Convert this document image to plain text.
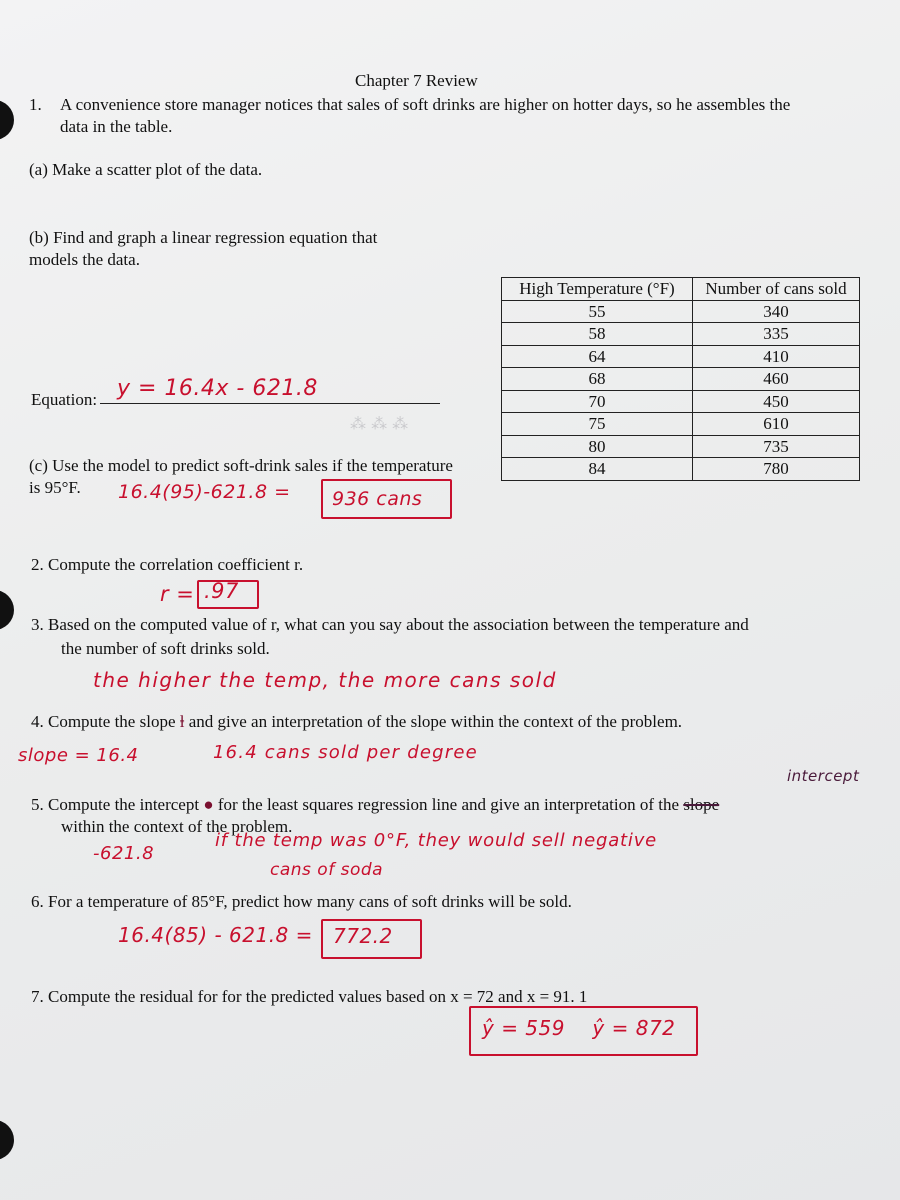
Chapter 7 Review
1. A convenience store manager notices that sales of soft drinks are higher on hotter days, so he assembles the
data in the table.
(a) Make a scatter plot of the data.
(b) Find and graph a linear regression equation that
models the data.
High Temperature (°F)	Number of cans sold
55	340
58	335
64	410
68	460
70	450
75	610
80	735
84	780
Equation: y = 16.4x - 621.8
⁂ ⁂ ⁂
(c) Use the model to predict soft-drink sales if the temperature
is 95°F. 16.4(95)-621.8 = 936 cans
2. Compute the correlation coefficient r.
r = .97
3. Based on the computed value of r, what can you say about the association between the temperature and
the number of soft drinks sold.
the higher the temp, the more cans sold
4. Compute the slope ⱡ and give an interpretation of the slope within the context of the problem.
slope = 16.4	16.4 cans sold per degree
intercept
5. Compute the intercept ● for the least squares regression line and give an interpretation of the slope
within the context of the problem.
-621.8
if the temp was 0°F, they would sell negative
cans of soda
6. For a temperature of 85°F, predict how many cans of soft drinks will be sold.
16.4(85) - 621.8 = 772.2
7. Compute the residual for for the predicted values based on x = 72 and x = 91. 1
ŷ = 559    ŷ = 872
